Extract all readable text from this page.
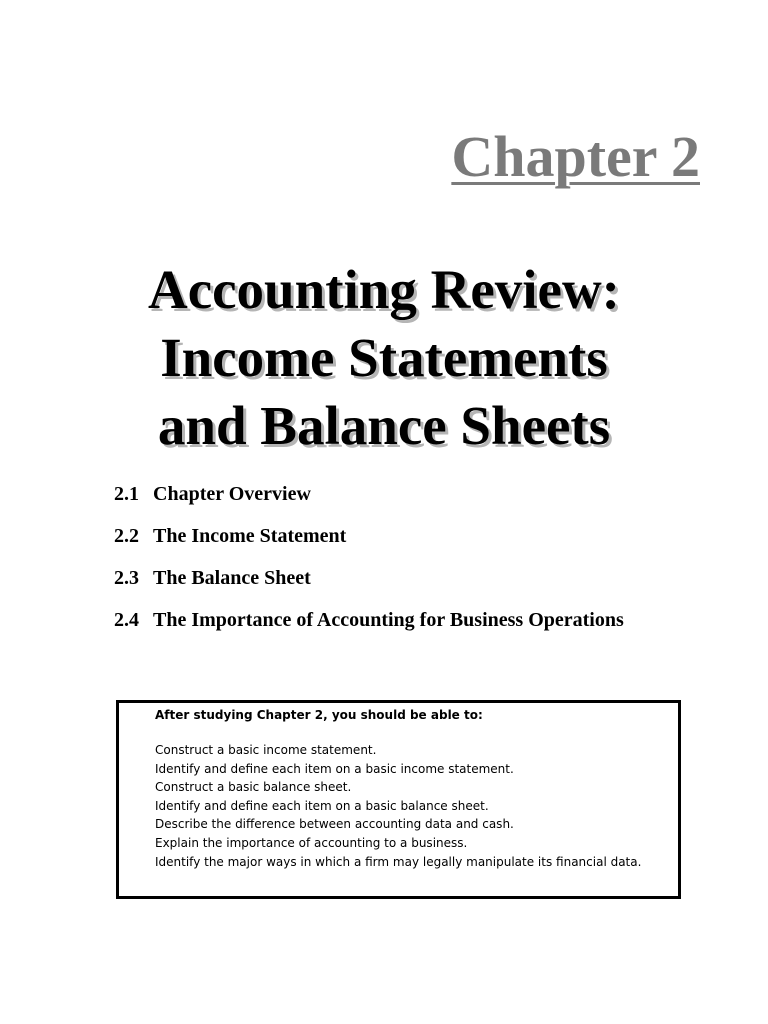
Chapter 2
Accounting Review:
Income Statements
and Balance Sheets
2.1 Chapter Overview
2.2 The Income Statement
2.3 The Balance Sheet
2.4 The Importance of Accounting for Business Operations

After studying Chapter 2, you should be able to:

Construct a basic income statement.
Identify and define each item on a basic income statement.
Construct a basic balance sheet.
Identify and define each item on a basic balance sheet.
Describe the difference between accounting data and cash.
Explain the importance of accounting to a business.
Identify the major ways in which a firm may legally manipulate its financial data.
